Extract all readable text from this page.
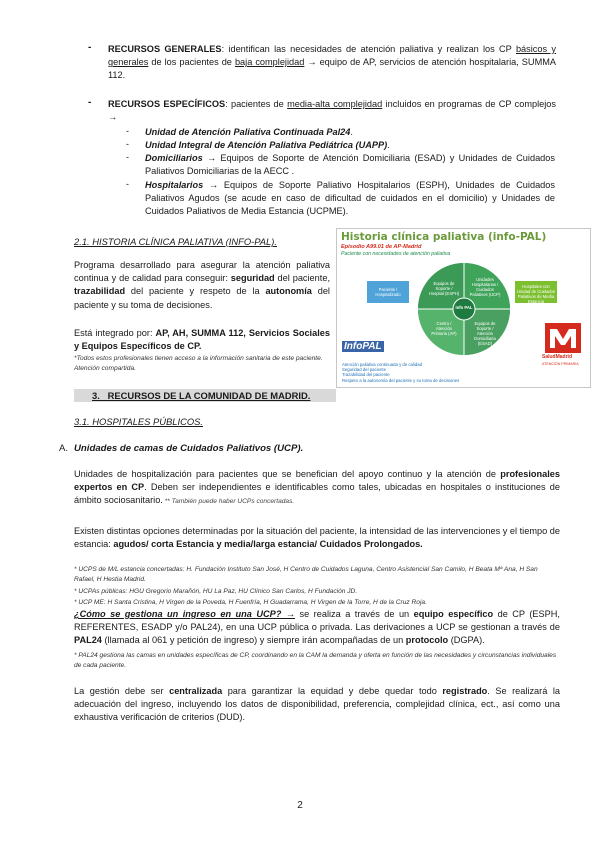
- RECURSOS GENERALES: identifican las necesidades de atención paliativa y realizan los CP básicos y generales de los pacientes de baja complejidad → equipo de AP, servicios de atención hospitalaria, SUMMA 112.

- RECURSOS ESPECÍFICOS: pacientes de media-alta complejidad incluidos en programas de CP complejos →

- Unidad de Atención Paliativa Continuada Pal24.

- Unidad Integral de Atención Paliativa Pediátrica (UAPP).

- Domiciliarios → Equipos de Soporte de Atención Domiciliaria (ESAD) y Unidades de Cuidados Paliativos Domiciliarias de la AECC .

- Hospitalarios → Equipos de Soporte Paliativo Hospitalarios (ESPH), Unidades de Cuidados Paliativos Agudos (se acude en caso de dificultad de cuidados en el domicilio) y Unidades de Cuidados Paliativos de Media Estancia (UCPME).

2.1. HISTORIA CLÍNICA PALIATIVA (INFO-PAL).

Programa desarrollado para asegurar la atención paliativa continua y de calidad para conseguir: seguridad del paciente, trazabilidad del paciente y respeto de la autonomía del paciente y su toma de decisiones.

Está integrado por: AP, AH, SUMMA 112, Servicios Sociales y Equipos Específicos de CP.

*Todos estos profesionales tienen acceso a la información sanitaria de este paciente. Atención compartida.

Historia clínica paliativa (info-PAL)
Episodio A99.01 de AP-Madrid
Paciente con necesidades de atención paliativa
Info PAL
Paciente / Hospitalizado
Equipos de Soporte / Hospital (ESPH)
Unidades Hospitalarias / Cuidados Paliativos (UCP)
Equipos de Soporte / Atención Domiciliaria (ESAD)
Centro / Atención Primaria (AP)
Hospitales con Unidad de Cuidados Paliativos de Media Estancia
InfoPAL
SaludMadrid
ATENCIÓN PRIMARIA
Atención paliativa continuada y de calidad
Seguridad del paciente
Trazabilidad del paciente
Respeto a la autonomía del paciente y su toma de decisiones
3.   RECURSOS DE LA COMUNIDAD DE MADRID.
3.1. HOSPITALES PÚBLICOS.
A. Unidades de camas de Cuidados Paliativos (UCP).

Unidades de hospitalización para pacientes que se benefician del apoyo continuo y la atención de profesionales expertos en CP. Deben ser independientes e identificables como tales, ubicadas en hospitales o instituciones de ámbito sociosanitario. ** También puede haber UCPs concertadas.

Existen distintas opciones determinadas por la situación del paciente, la intensidad de las intervenciones y el tiempo de estancia: agudos/ corta Estancia y media/larga estancia/ Cuidados Prolongados.

* UCPS de M/L estancia concertadas: H. Fundación Instituto San José, H Centro de Cuidados Laguna, Centro Asistencial San Camilo, H Beata Mª Ana, H San Rafael, H Hestia Madrid.

* UCPAs públicas: HGU Gregorio Marañón, HU La Paz, HU Clínico San Carlos, H Fundación JD.

* UCP ME: H Santa Cristina, H Virgen de la Poveda, H Fuenfría, H Guadarrama, H Virgen de la Torre, H de la Cruz Roja.

¿Cómo se gestiona un ingreso en una UCP? → se realiza a través de un equipo específico de CP (ESPH, REFERENTES, ESADP y/o PAL24), en una UCP pública o privada. Las derivaciones a UCP se gestionan a través de PAL24 (llamada al 061 y petición de ingreso) y siempre irán acompañadas de un protocolo (DGPA).

* PAL24 gestiona las camas en unidades específicas de CP, coordinando en la CAM la demanda y oferta en función de las necesidades y circunstancias individuales de cada paciente.

La gestión debe ser centralizada para garantizar la equidad y debe quedar todo registrado. Se realizará la adecuación del ingreso, incluyendo los datos de disponibilidad, preferencia, complejidad clínica, ect., así como una exhaustiva verificación de criterios (DUD).

2
